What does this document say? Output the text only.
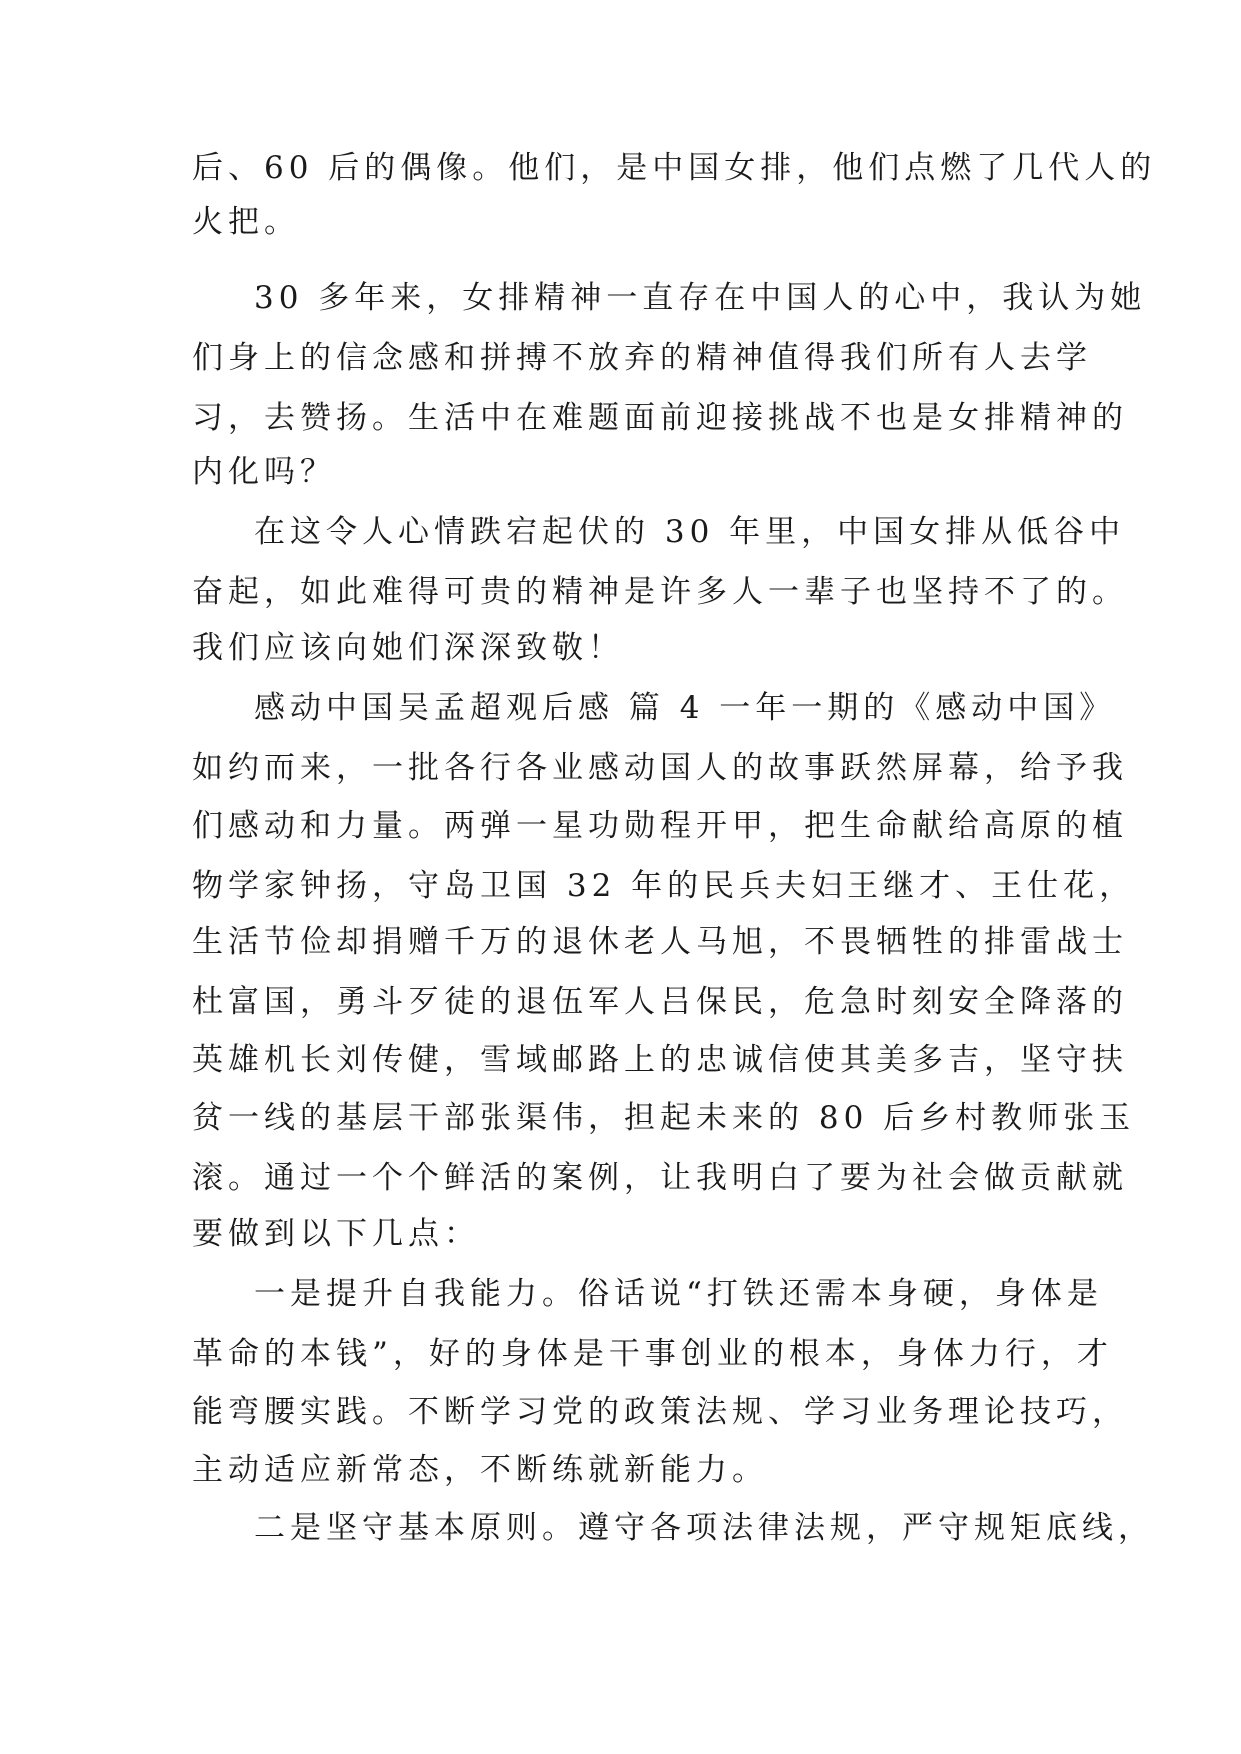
后、60 后的偶像。他们，是中国女排，他们点燃了几代人的
火把。
30 多年来，女排精神一直存在中国人的心中，我认为她
们身上的信念感和拼搏不放弃的精神值得我们所有人去学
习，去赞扬。生活中在难题面前迎接挑战不也是女排精神的
内化吗？
在这令人心情跌宕起伏的 30 年里，中国女排从低谷中
奋起，如此难得可贵的精神是许多人一辈子也坚持不了的。
我们应该向她们深深致敬！
感动中国吴孟超观后感 篇 4 一年一期的《感动中国》
如约而来，一批各行各业感动国人的故事跃然屏幕，给予我
们感动和力量。两弹一星功勋程开甲，把生命献给高原的植
物学家钟扬，守岛卫国 32 年的民兵夫妇王继才、王仕花，
生活节俭却捐赠千万的退休老人马旭，不畏牺牲的排雷战士
杜富国，勇斗歹徒的退伍军人吕保民，危急时刻安全降落的
英雄机长刘传健，雪域邮路上的忠诚信使其美多吉，坚守扶
贫一线的基层干部张渠伟，担起未来的 80 后乡村教师张玉
滚。通过一个个鲜活的案例，让我明白了要为社会做贡献就
要做到以下几点：
一是提升自我能力。俗话说“打铁还需本身硬，身体是
革命的本钱”，好的身体是干事创业的根本，身体力行，才
能弯腰实践。不断学习党的政策法规、学习业务理论技巧，
主动适应新常态，不断练就新能力。
二是坚守基本原则。遵守各项法律法规，严守规矩底线，
